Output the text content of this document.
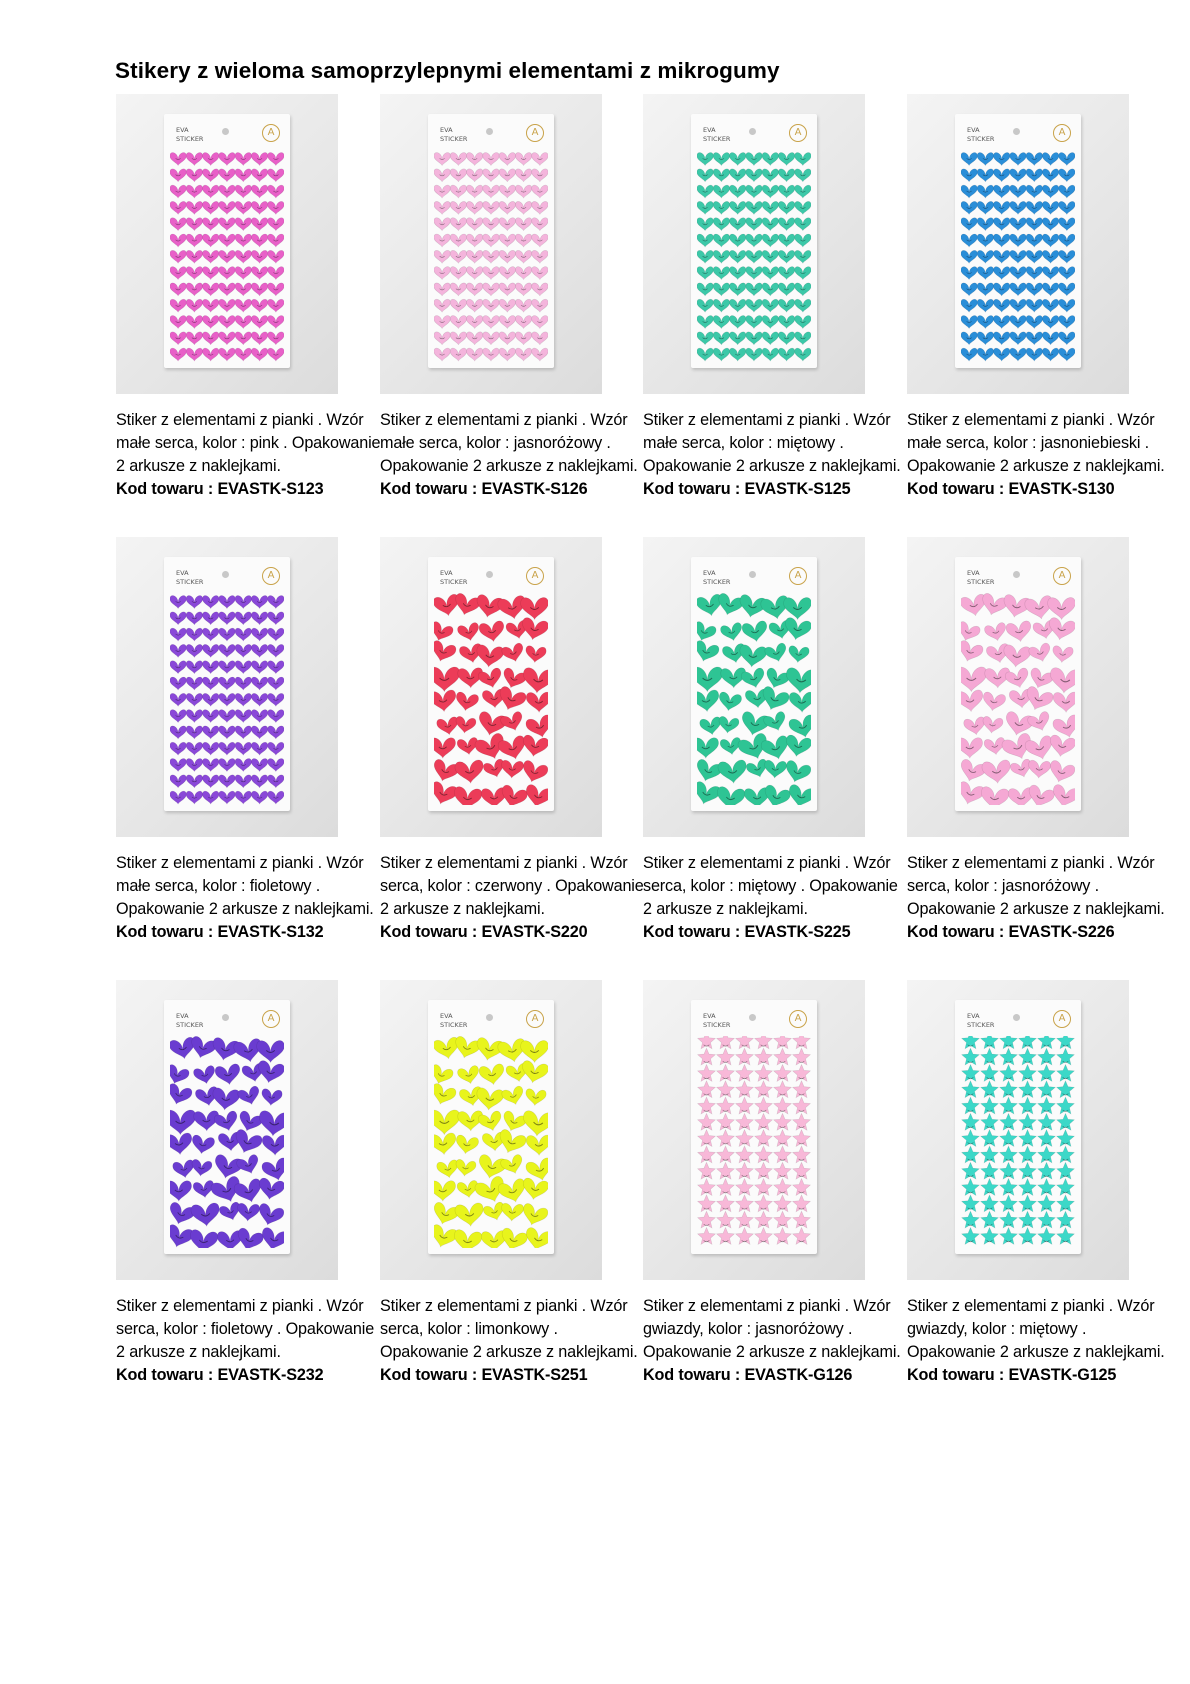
Stikery z wieloma samoprzylepnymi elementami z mikrogumy
EVA
STICKER
A

Stiker z elementami z pianki . Wzór małe serca, kolor : pink . Opakowanie 2 arkusze z naklejkami.

Kod towaru : EVASTK-S123

EVA
STICKER
A

Stiker z elementami z pianki . Wzór małe serca, kolor : jasnoróżowy . Opakowanie 2 arkusze z naklejkami.

Kod towaru : EVASTK-S126

EVA
STICKER
A

Stiker z elementami z pianki . Wzór małe serca, kolor : miętowy . Opakowanie 2 arkusze z naklejkami.

Kod towaru : EVASTK-S125

EVA
STICKER
A

Stiker z elementami z pianki . Wzór małe serca, kolor : jasnoniebieski . Opakowanie 2 arkusze z naklejkami.

Kod towaru : EVASTK-S130

EVA
STICKER
A

Stiker z elementami z pianki . Wzór małe serca, kolor : fioletowy . Opakowanie 2 arkusze z naklejkami.

Kod towaru : EVASTK-S132

EVA
STICKER
A

Stiker z elementami z pianki . Wzór serca, kolor : czerwony . Opakowanie 2 arkusze z naklejkami.

Kod towaru : EVASTK-S220

EVA
STICKER
A

Stiker z elementami z pianki . Wzór serca, kolor : miętowy . Opakowanie 2 arkusze z naklejkami.

Kod towaru : EVASTK-S225

EVA
STICKER
A

Stiker z elementami z pianki . Wzór serca, kolor : jasnoróżowy . Opakowanie 2 arkusze z naklejkami.

Kod towaru : EVASTK-S226

EVA
STICKER
A

Stiker z elementami z pianki . Wzór serca, kolor : fioletowy . Opakowanie 2 arkusze z naklejkami.

Kod towaru : EVASTK-S232

EVA
STICKER
A

Stiker z elementami z pianki . Wzór serca, kolor : limonkowy . Opakowanie 2 arkusze z naklejkami.

Kod towaru : EVASTK-S251

EVA
STICKER
A

Stiker z elementami z pianki . Wzór gwiazdy, kolor : jasnoróżowy . Opakowanie 2 arkusze z naklejkami.

Kod towaru : EVASTK-G126

EVA
STICKER
A

Stiker z elementami z pianki . Wzór gwiazdy, kolor : miętowy . Opakowanie 2 arkusze z naklejkami.

Kod towaru : EVASTK-G125
